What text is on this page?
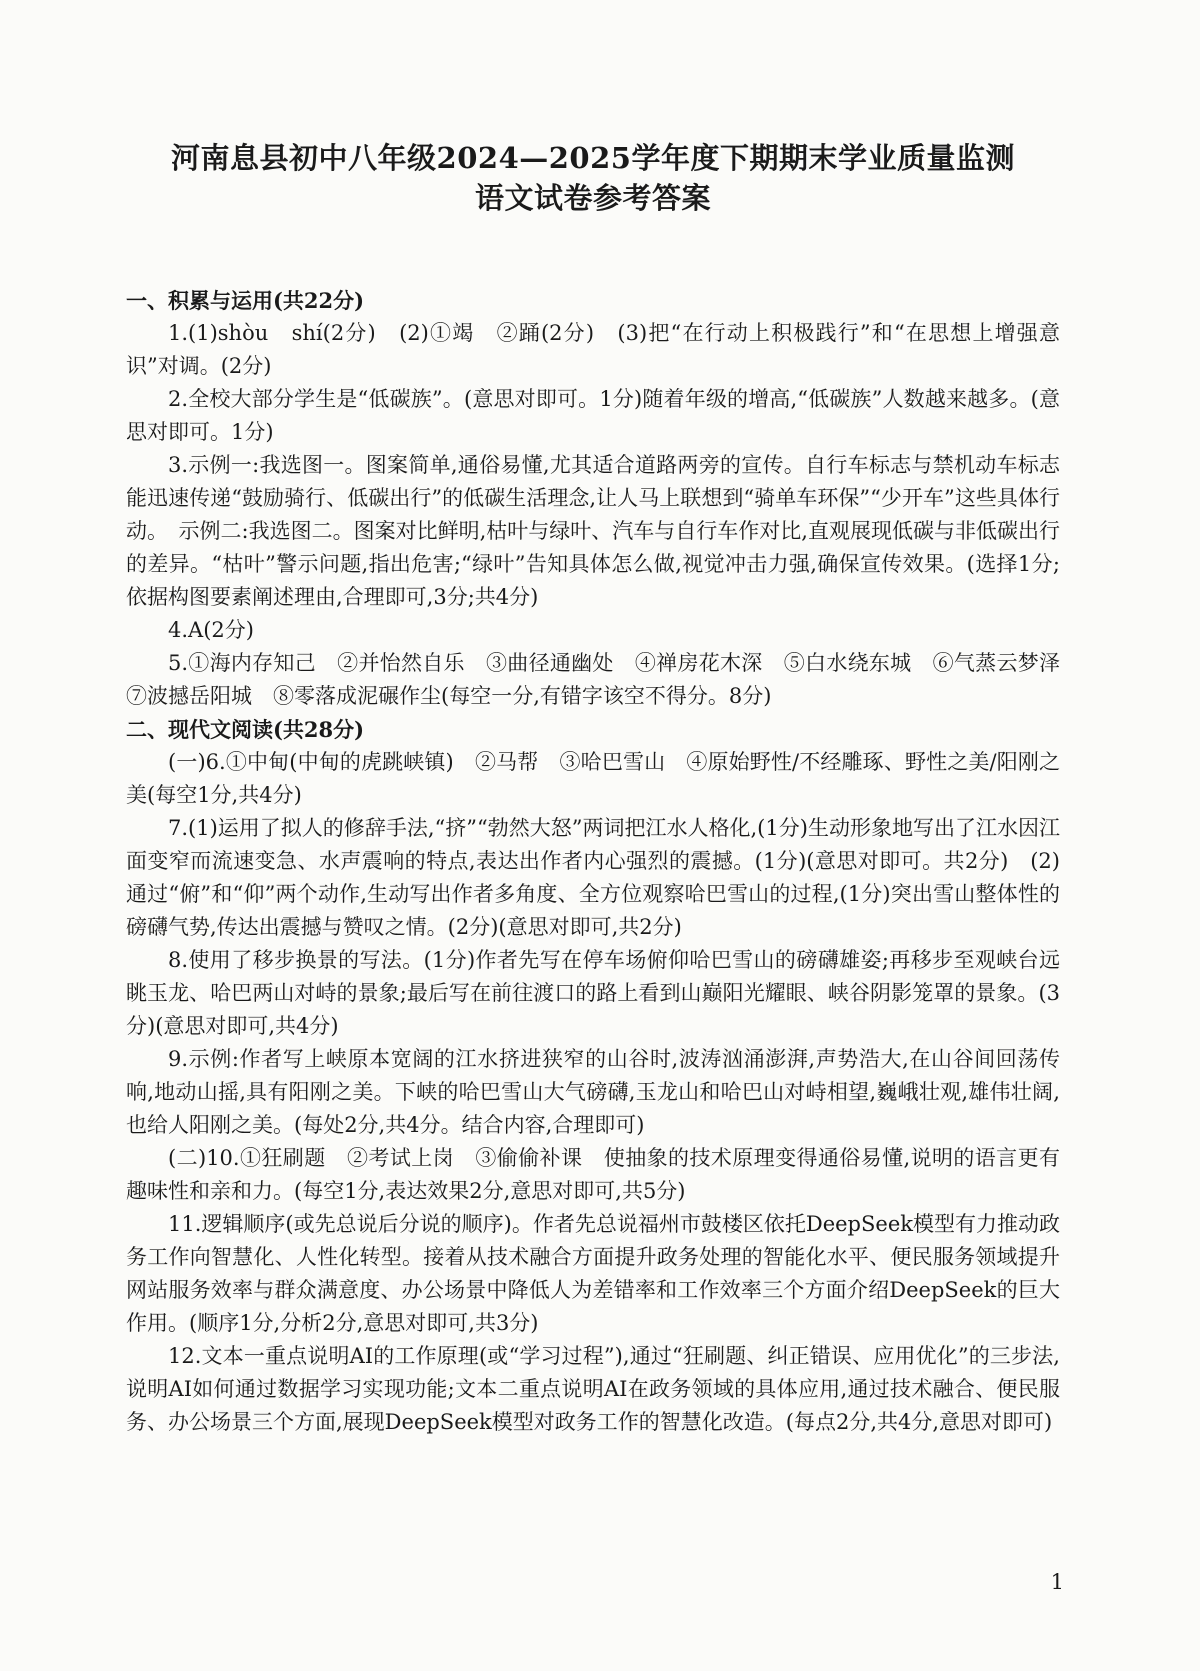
河南息县初中八年级2024—2025学年度下期期末学业质量监测
语文试卷参考答案
一、积累与运用(共22分)

1.(1)shòu　shí(2分)　(2)①竭　②踊(2分)　(3)把“在行动上积极践行”和“在思想上增强意识”对调。(2分)

2.全校大部分学生是“低碳族”。(意思对即可。1分)随着年级的增高,“低碳族”人数越来越多。(意思对即可。1分)

3.示例一:我选图一。图案简单,通俗易懂,尤其适合道路两旁的宣传。自行车标志与禁机动车标志能迅速传递“鼓励骑行、低碳出行”的低碳生活理念,让人马上联想到“骑单车环保”“少开车”这些具体行动。　示例二:我选图二。图案对比鲜明,枯叶与绿叶、汽车与自行车作对比,直观展现低碳与非低碳出行的差异。“枯叶”警示问题,指出危害;“绿叶”告知具体怎么做,视觉冲击力强,确保宣传效果。(选择1分;依据构图要素阐述理由,合理即可,3分;共4分)

4.A(2分)

5.①海内存知己　②并怡然自乐　③曲径通幽处　④禅房花木深　⑤白水绕东城　⑥气蒸云梦泽　⑦波撼岳阳城　⑧零落成泥碾作尘(每空一分,有错字该空不得分。8分)

二、现代文阅读(共28分)

(一)6.①中甸(中甸的虎跳峡镇)　②马帮　③哈巴雪山　④原始野性/不经雕琢、野性之美/阳刚之美(每空1分,共4分)

7.(1)运用了拟人的修辞手法,“挤”“勃然大怒”两词把江水人格化,(1分)生动形象地写出了江水因江面变窄而流速变急、水声震响的特点,表达出作者内心强烈的震撼。(1分)(意思对即可。共2分)　(2)通过“俯”和“仰”两个动作,生动写出作者多角度、全方位观察哈巴雪山的过程,(1分)突出雪山整体性的磅礴气势,传达出震撼与赞叹之情。(2分)(意思对即可,共2分)

8.使用了移步换景的写法。(1分)作者先写在停车场俯仰哈巴雪山的磅礴雄姿;再移步至观峡台远眺玉龙、哈巴两山对峙的景象;最后写在前往渡口的路上看到山巅阳光耀眼、峡谷阴影笼罩的景象。(3分)(意思对即可,共4分)

9.示例:作者写上峡原本宽阔的江水挤进狭窄的山谷时,波涛汹涌澎湃,声势浩大,在山谷间回荡传响,地动山摇,具有阳刚之美。下峡的哈巴雪山大气磅礴,玉龙山和哈巴山对峙相望,巍峨壮观,雄伟壮阔,也给人阳刚之美。(每处2分,共4分。结合内容,合理即可)

(二)10.①狂刷题　②考试上岗　③偷偷补课　使抽象的技术原理变得通俗易懂,说明的语言更有趣味性和亲和力。(每空1分,表达效果2分,意思对即可,共5分)

11.逻辑顺序(或先总说后分说的顺序)。作者先总说福州市鼓楼区依托DeepSeek模型有力推动政务工作向智慧化、人性化转型。接着从技术融合方面提升政务处理的智能化水平、便民服务领域提升网站服务效率与群众满意度、办公场景中降低人为差错率和工作效率三个方面介绍DeepSeek的巨大作用。(顺序1分,分析2分,意思对即可,共3分)

12.文本一重点说明AI的工作原理(或“学习过程”),通过“狂刷题、纠正错误、应用优化”的三步法,说明AI如何通过数据学习实现功能;文本二重点说明AI在政务领域的具体应用,通过技术融合、便民服务、办公场景三个方面,展现DeepSeek模型对政务工作的智慧化改造。(每点2分,共4分,意思对即可)

1
